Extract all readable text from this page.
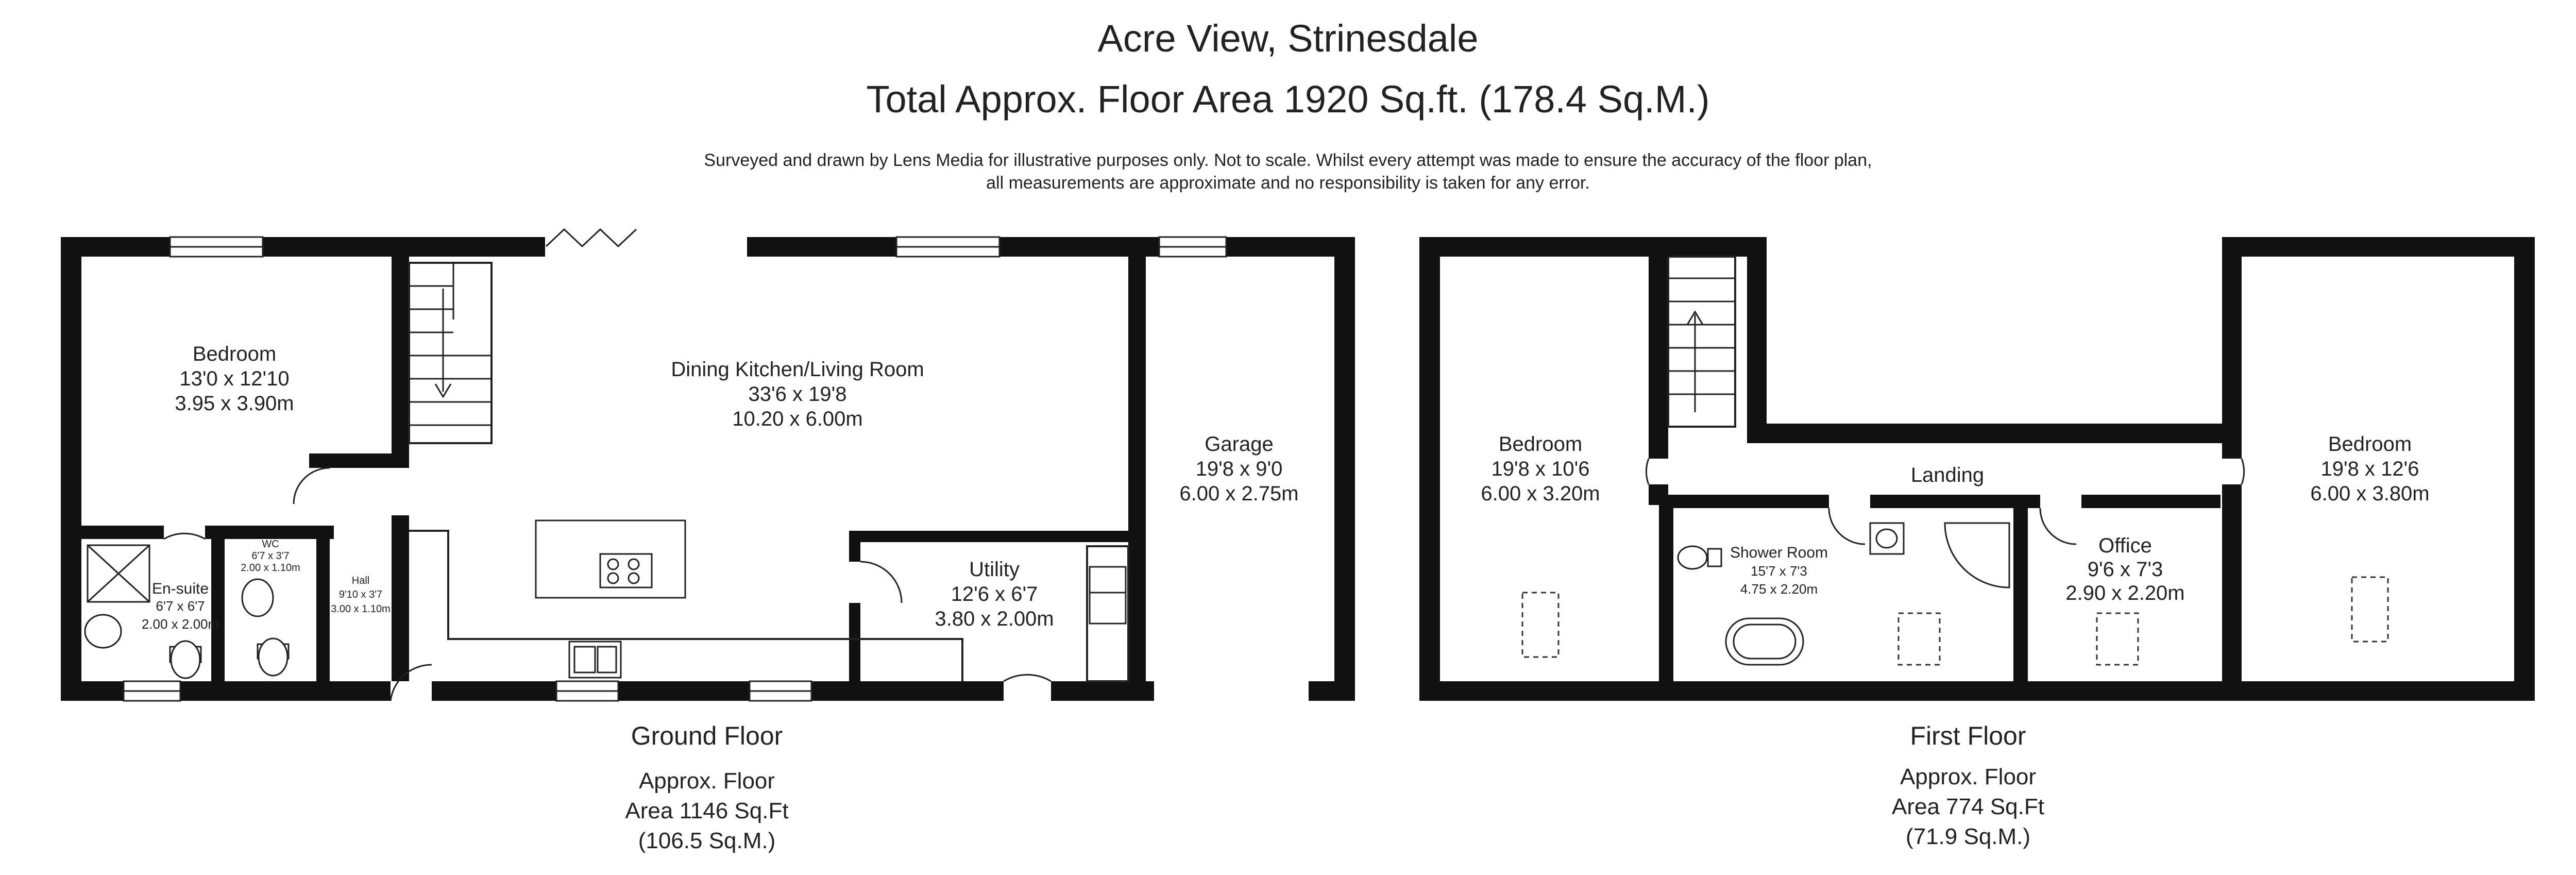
Acre View, Strinesdale
Total Approx. Floor Area 1920 Sq.ft. (178.4 Sq.M.)
Surveyed and drawn by Lens Media for illustrative purposes only. Not to scale. Whilst every attempt was made to ensure the accuracy of the floor plan,
all measurements are approximate and no responsibility is taken for any error.
Bedroom
13'0 x 12'10
3.95 x 3.90m
Dining Kitchen/Living Room
33'6 x 19'8
10.20 x 6.00m
Garage
19'8 x 9'0
6.00 x 2.75m
Utility
12'6 x 6'7
3.80 x 2.00m
En-suite
6'7 x 6'7
2.00 x 2.00m
WC
6'7 x 3'7
2.00 x 1.10m
Hall
9'10 x 3'7
3.00 x 1.10m
Ground Floor
Approx. Floor
Area 1146 Sq.Ft
(106.5 Sq.M.)
Bedroom
19'8 x 10'6
6.00 x 3.20m
Bedroom
19'8 x 12'6
6.00 x 3.80m
Landing
Shower Room
15'7 x 7'3
4.75 x 2.20m
Office
9'6 x 7'3
2.90 x 2.20m
First Floor
Approx. Floor
Area 774 Sq.Ft
(71.9 Sq.M.)
